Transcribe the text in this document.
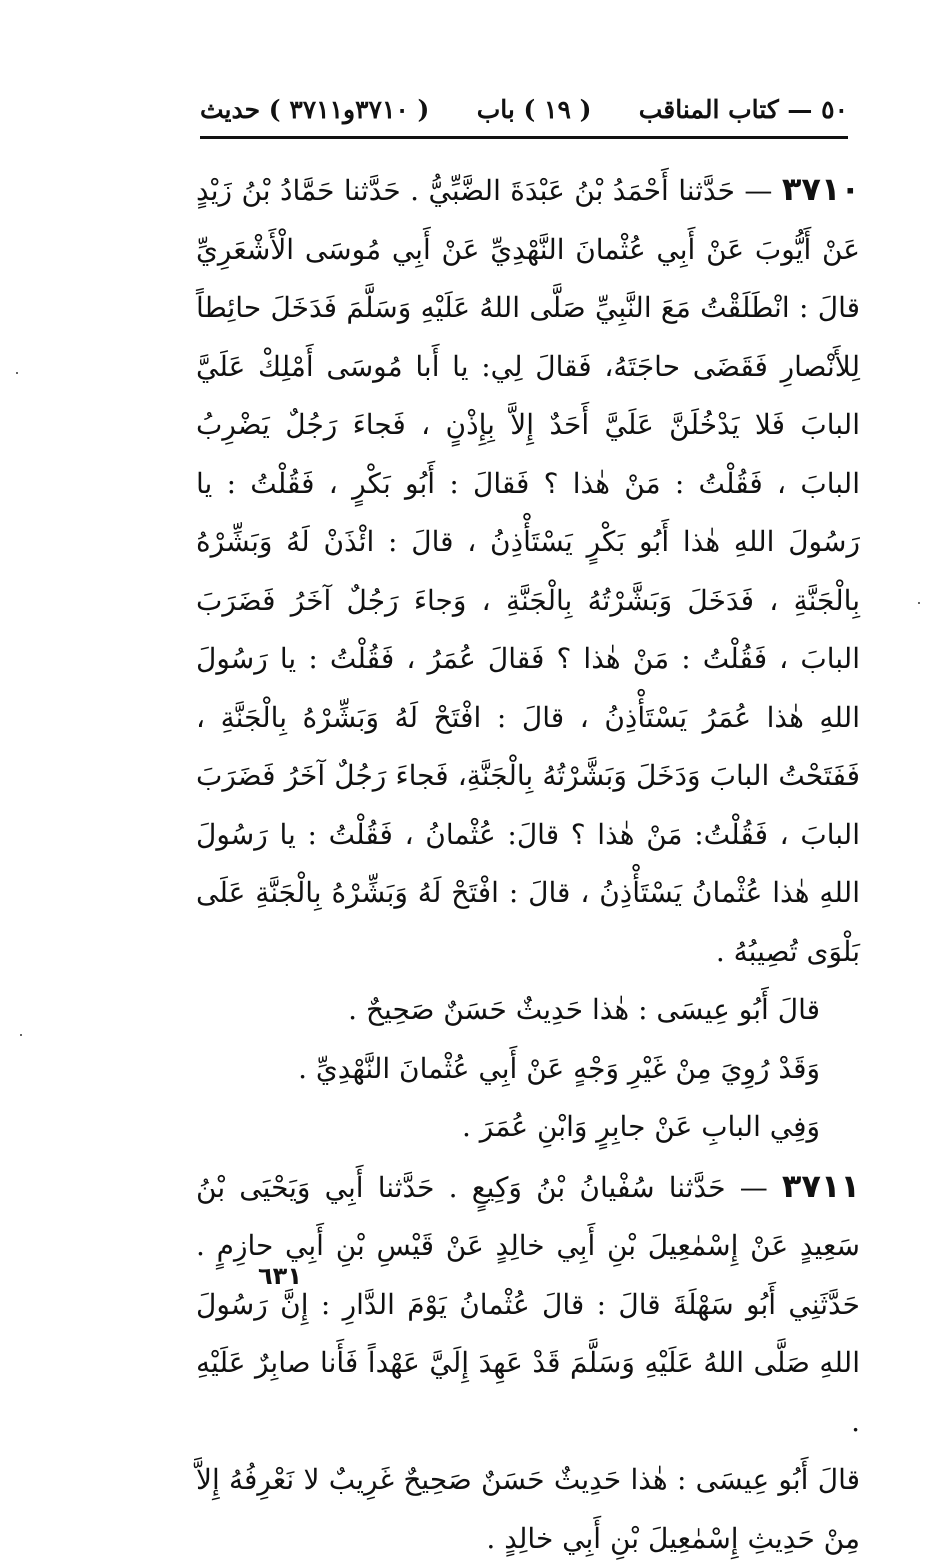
٥٠ — كتاب المناقب
( ١٩ ) باب
( ٣٧١٠و٣٧١١ ) حديث

٣٧١٠ — حَدَّثنا أَحْمَدُ بْنُ عَبْدَةَ الضَّبِّيُّ . حَدَّثنا حَمَّادُ بْنُ زَيْدٍ عَنْ أَيُّوبَ عَنْ أَبِي عُثْمانَ النَّهْدِيِّ عَنْ أَبِي مُوسَى الْأَشْعَرِيِّ قالَ : انْطَلَقْتُ مَعَ النَّبِيِّ صَلَّى اللهُ عَلَيْهِ وَسَلَّمَ فَدَخَلَ حائِطاً لِلأَنْصارِ فَقَضَى حاجَتَهُ، فَقالَ لِي: يا أَبا مُوسَى أَمْلِكْ عَلَيَّ البابَ فَلا يَدْخُلَنَّ عَلَيَّ أَحَدٌ إِلاَّ بِإِذْنٍ ، فَجاءَ رَجُلٌ يَضْرِبُ البابَ ، فَقُلْتُ : مَنْ هٰذا ؟ فَقالَ : أَبُو بَكْرٍ ، فَقُلْتُ : يا رَسُولَ اللهِ هٰذا أَبُو بَكْرٍ يَسْتَأْذِنُ ، قالَ : ائْذَنْ لَهُ وَبَشِّرْهُ بِالْجَنَّةِ ، فَدَخَلَ وَبَشَّرْتُهُ بِالْجَنَّةِ ، وَجاءَ رَجُلٌ آخَرُ فَضَرَبَ البابَ ، فَقُلْتُ : مَنْ هٰذا ؟ فَقالَ عُمَرُ ، فَقُلْتُ : يا رَسُولَ اللهِ هٰذا عُمَرُ يَسْتَأْذِنُ ، قالَ : افْتَحْ لَهُ وَبَشِّرْهُ بِالْجَنَّةِ ، فَفَتَحْتُ البابَ وَدَخَلَ وَبَشَّرْتُهُ بِالْجَنَّةِ، فَجاءَ رَجُلٌ آخَرُ فَضَرَبَ البابَ ، فَقُلْتُ: مَنْ هٰذا ؟ قالَ: عُثْمانُ ، فَقُلْتُ : يا رَسُولَ اللهِ هٰذا عُثْمانُ يَسْتَأْذِنُ ، قالَ : افْتَحْ لَهُ وَبَشِّرْهُ بِالْجَنَّةِ عَلَى بَلْوَى تُصِيبُهُ .

قالَ أَبُو عِيسَى : هٰذا حَدِيثٌ حَسَنٌ صَحِيحٌ .

وَقَدْ رُوِيَ مِنْ غَيْرِ وَجْهٍ عَنْ أَبِي عُثْمانَ النَّهْدِيِّ .

وَفِي البابِ عَنْ جابِرٍ وَابْنِ عُمَرَ .

٣٧١١ — حَدَّثنا سُفْيانُ بْنُ وَكِيعٍ . حَدَّثنا أَبِي وَيَحْيَى بْنُ سَعِيدٍ عَنْ إِسْمٰعِيلَ بْنِ أَبِي خالِدٍ عَنْ قَيْسِ بْنِ أَبِي حازِمٍ . حَدَّثَنِي أَبُو سَهْلَةَ قالَ : قالَ عُثْمانُ يَوْمَ الدَّارِ : إِنَّ رَسُولَ اللهِ صَلَّى اللهُ عَلَيْهِ وَسَلَّمَ قَدْ عَهِدَ إِلَيَّ عَهْداً فَأَنا صابِرٌ عَلَيْهِ .

قالَ أَبُو عِيسَى : هٰذا حَدِيثٌ حَسَنٌ صَحِيحٌ غَرِيبٌ لا نَعْرِفُهُ إِلاَّ مِنْ حَدِيثِ إِسْمٰعِيلَ بْنِ أَبِي خالِدٍ .

٦٣١
